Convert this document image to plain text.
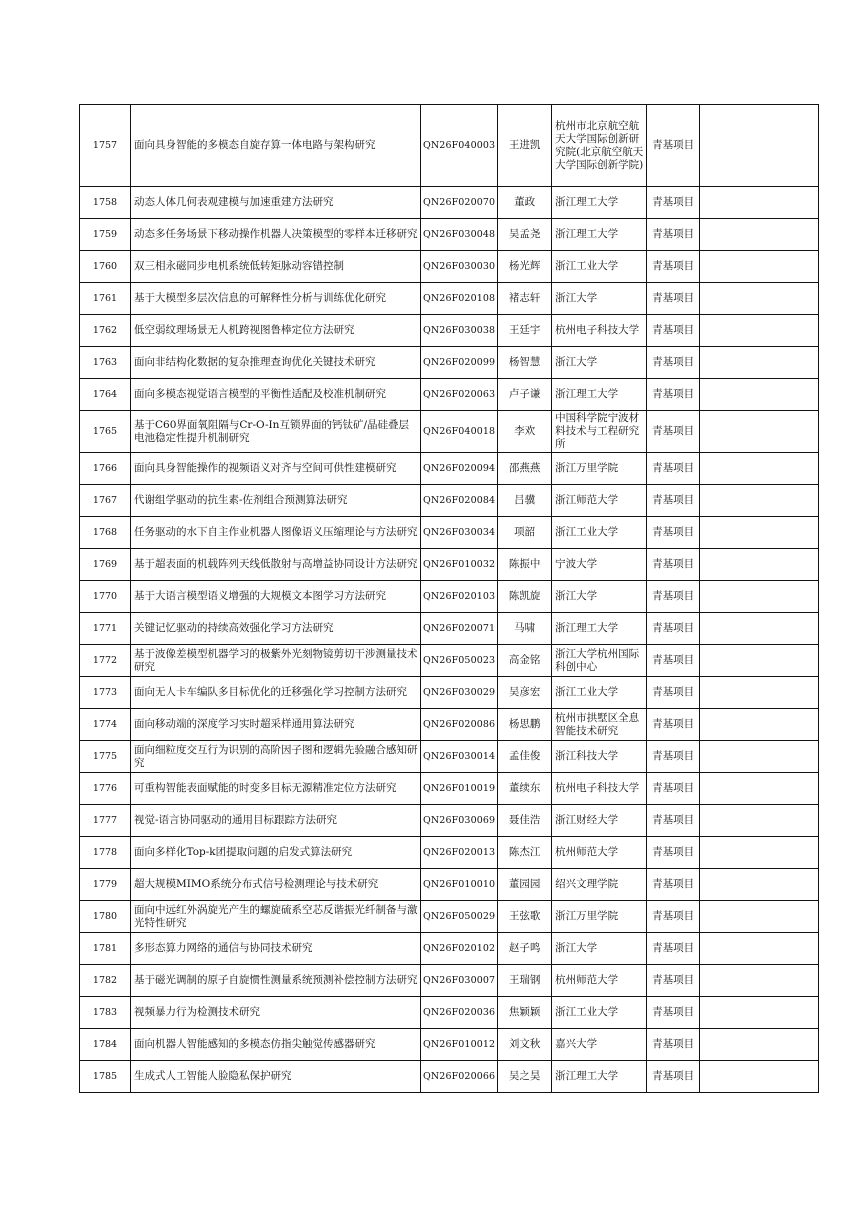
1757	面向具身智能的多模态自旋存算一体电路与架构研究	QN26F040003	王进凯	杭州市北京航空航天大学国际创新研究院(北京航空航天大学国际创新学院)	青基项目	
1758	动态人体几何表观建模与加速重建方法研究	QN26F020070	董政	浙江理工大学	青基项目	
1759	动态多任务场景下移动操作机器人决策模型的零样本迁移研究	QN26F030048	吴孟尧	浙江理工大学	青基项目	
1760	双三相永磁同步电机系统低转矩脉动容错控制	QN26F030030	杨光辉	浙江工业大学	青基项目	
1761	基于大模型多层次信息的可解释性分析与训练优化研究	QN26F020108	褚志轩	浙江大学	青基项目	
1762	低空弱纹理场景无人机跨视图鲁棒定位方法研究	QN26F030038	王廷宇	杭州电子科技大学	青基项目	
1763	面向非结构化数据的复杂推理查询优化关键技术研究	QN26F020099	杨智慧	浙江大学	青基项目	
1764	面向多模态视觉语言模型的平衡性适配及校准机制研究	QN26F020063	卢子谦	浙江理工大学	青基项目	
1765	基于C60界面氧阻隔与Cr-O-In互锁界面的钙钛矿/晶硅叠层电池稳定性提升机制研究	QN26F040018	李欢	中国科学院宁波材料技术与工程研究所	青基项目	
1766	面向具身智能操作的视频语义对齐与空间可供性建模研究	QN26F020094	邵燕燕	浙江万里学院	青基项目	
1767	代谢组学驱动的抗生素-佐剂组合预测算法研究	QN26F020084	吕骥	浙江师范大学	青基项目	
1768	任务驱动的水下自主作业机器人图像语义压缩理论与方法研究	QN26F030034	项韶	浙江工业大学	青基项目	
1769	基于超表面的机载阵列天线低散射与高增益协同设计方法研究	QN26F010032	陈振中	宁波大学	青基项目	
1770	基于大语言模型语义增强的大规模文本图学习方法研究	QN26F020103	陈凯旋	浙江大学	青基项目	
1771	关键记忆驱动的持续高效强化学习方法研究	QN26F020071	马啸	浙江理工大学	青基项目	
1772	基于波像差模型机器学习的极紫外光刻物镜剪切干涉测量技术研究	QN26F050023	高金铭	浙江大学杭州国际科创中心	青基项目	
1773	面向无人卡车编队多目标优化的迁移强化学习控制方法研究	QN26F030029	吴彦宏	浙江工业大学	青基项目	
1774	面向移动端的深度学习实时超采样通用算法研究	QN26F020086	杨思鹏	杭州市拱墅区全息智能技术研究	青基项目	
1775	面向细粒度交互行为识别的高阶因子图和逻辑先验融合感知研究	QN26F030014	孟佳俊	浙江科技大学	青基项目	
1776	可重构智能表面赋能的时变多目标无源精准定位方法研究	QN26F010019	董续东	杭州电子科技大学	青基项目	
1777	视觉-语言协同驱动的通用目标跟踪方法研究	QN26F030069	聂佳浩	浙江财经大学	青基项目	
1778	面向多样化Top-k团提取问题的启发式算法研究	QN26F020013	陈杰江	杭州师范大学	青基项目	
1779	超大规模MIMO系统分布式信号检测理论与技术研究	QN26F010010	董园园	绍兴文理学院	青基项目	
1780	面向中远红外涡旋光产生的螺旋硫系空芯反谐振光纤制备与激光特性研究	QN26F050029	王弦歌	浙江万里学院	青基项目	
1781	多形态算力网络的通信与协同技术研究	QN26F020102	赵子鸣	浙江大学	青基项目	
1782	基于磁光调制的原子自旋惯性测量系统预测补偿控制方法研究	QN26F030007	王瑞钢	杭州师范大学	青基项目	
1783	视频暴力行为检测技术研究	QN26F020036	焦颖颖	浙江工业大学	青基项目	
1784	面向机器人智能感知的多模态仿指尖触觉传感器研究	QN26F010012	刘文秋	嘉兴大学	青基项目	
1785	生成式人工智能人脸隐私保护研究	QN26F020066	吴之昊	浙江理工大学	青基项目	
